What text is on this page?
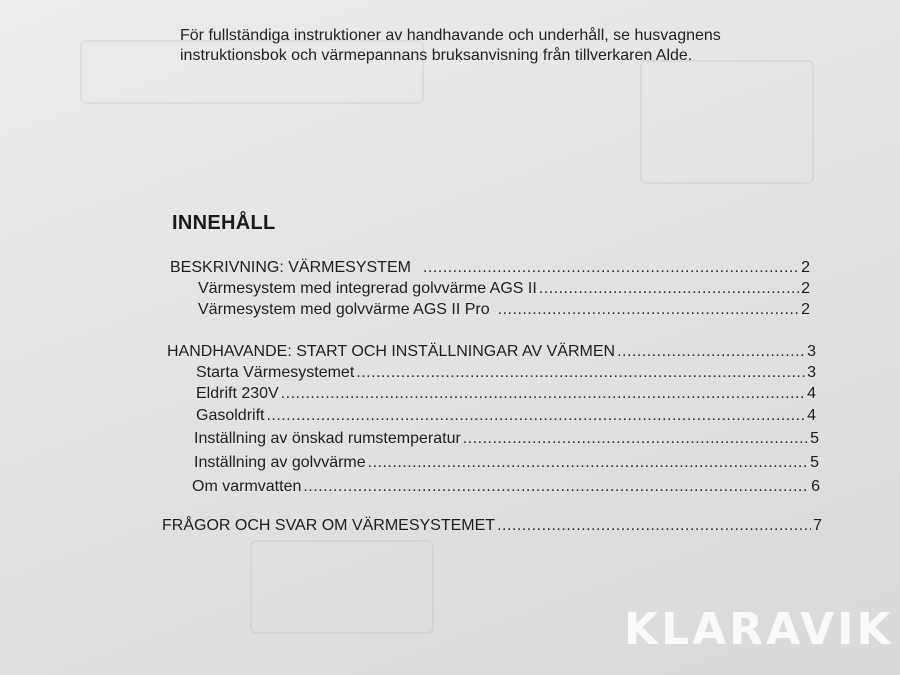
För fullständiga instruktioner av handhavande och underhåll, se husvagnens
instruktionsbok och värmepannans bruksanvisning från tillverkaren Alde.
INNEHÅLL
BESKRIVNING: VÄRMESYSTEM .....	2
Värmesystem med integrerad golvvärme AGS II .....	2
Värmesystem med golvvärme AGS II Pro .....	2
HANDHAVANDE: START OCH INSTÄLLNINGAR AV VÄRMEN .....	3
Starta Värmesystemet .....	3
Eldrift 230V .....	4
Gasoldrift .....	4
Inställning av önskad rumstemperatur .....	5
Inställning av golvvärme .....	5
Om varmvatten .....	6
FRÅGOR OCH SVAR OM VÄRMESYSTEMET .....	7
KLARAVIK
